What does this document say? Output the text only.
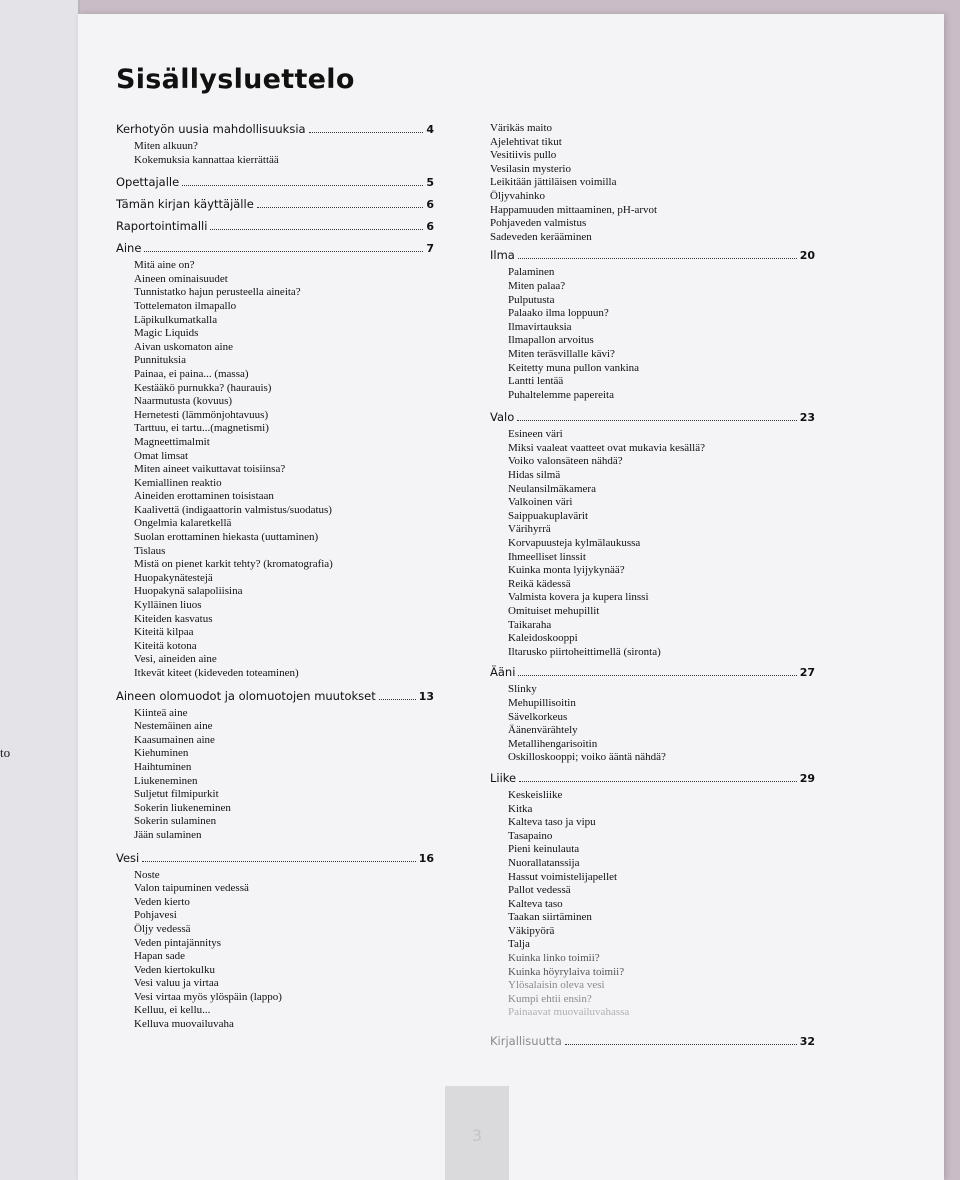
to
Sisällysluettelo
Kerhotyön uusia mahdollisuuksia	4
Miten alkuun?
Kokemuksia kannattaa kierrättää
Opettajalle	5
Tämän kirjan käyttäjälle	6
Raportointimalli	6
Aine	7
Mitä aine on?
Aineen ominaisuudet
Tunnistatko hajun perusteella aineita?
Tottelematon ilmapallo
Läpikulkumatkalla
Magic Liquids
Aivan uskomaton aine
Punnituksia
Painaa, ei paina... (massa)
Kestääkö purnukka? (haurauis)
Naarmutusta (kovuus)
Hernetesti (lämmönjohtavuus)
Tarttuu, ei tartu...(magnetismi)
Magneettimalmit
Omat limsat
Miten aineet vaikuttavat toisiinsa?
Kemiallinen reaktio
Aineiden erottaminen toisistaan
Kaalivettä (indigaattorin valmistus/suodatus)
Ongelmia kalaretkellä
Suolan erottaminen hiekasta (uuttaminen)
Tislaus
Mistä on pienet karkit tehty? (kromatografia)
Huopakynätestejä
Huopakynä salapoliisina
Kylläinen liuos
Kiteiden kasvatus
Kiteitä kilpaa
Kiteitä kotona
Vesi, aineiden aine
Itkevät kiteet (kideveden toteaminen)
Aineen olomuodot ja olomuotojen muutokset	13
Kiinteä aine
Nestemäinen aine
Kaasumainen aine
Kiehuminen
Haihtuminen
Liukeneminen
Suljetut filmipurkit
Sokerin liukeneminen
Sokerin sulaminen
Jään sulaminen
Vesi	16
Noste
Valon taipuminen vedessä
Veden kierto
Pohjavesi
Öljy vedessä
Veden pintajännitys
Hapan sade
Veden kiertokulku
Vesi valuu ja virtaa
Vesi virtaa myös ylöspäin (lappo)
Kelluu, ei kellu...
Kelluva muovailuvaha
Värikäs maito
Ajelehtivat tikut
Vesitiivis pullo
Vesilasin mysterio
Leikitään jättiläisen voimilla
Öljyvahinko
Happamuuden mittaaminen, pH-arvot
Pohjaveden valmistus
Sadeveden kerääminen
Ilma	20
Palaminen
Miten palaa?
Pulputusta
Palaako ilma loppuun?
Ilmavirtauksia
Ilmapallon arvoitus
Miten teräsvillalle kävi?
Keitetty muna pullon vankina
Lantti lentää
Puhaltelemme papereita
Valo	23
Esineen väri
Miksi vaaleat vaatteet ovat mukavia kesällä?
Voiko valonsäteen nähdä?
Hidas silmä
Neulansilmäkamera
Valkoinen väri
Saippuakuplavärit
Värihyrrä
Korvapuusteja kylmälaukussa
Ihmeelliset linssit
Kuinka monta lyijykynää?
Reikä kädessä
Valmista kovera ja kupera linssi
Omituiset mehupillit
Taikaraha
Kaleidoskooppi
Iltarusko piirtoheittimellä (sironta)
Ääni	27
Slinky
Mehupillisoitin
Sävelkorkeus
Äänenvärähtely
Metallihengarisoitin
Oskilloskooppi; voiko ääntä nähdä?
Liike	29
Keskeisliike
Kitka
Kalteva taso ja vipu
Tasapaino
Pieni keinulauta
Nuorallatanssija
Hassut voimistelijapellet
Pallot vedessä
Kalteva taso
Taakan siirtäminen
Väkipyörä
Talja
Kuinka linko toimii?
Kuinka höyrylaiva toimii?
Ylösalaisin oleva vesi
Kumpi ehtii ensin?
Painaavat muovailuvahassa
Kirjallisuutta	32
3
